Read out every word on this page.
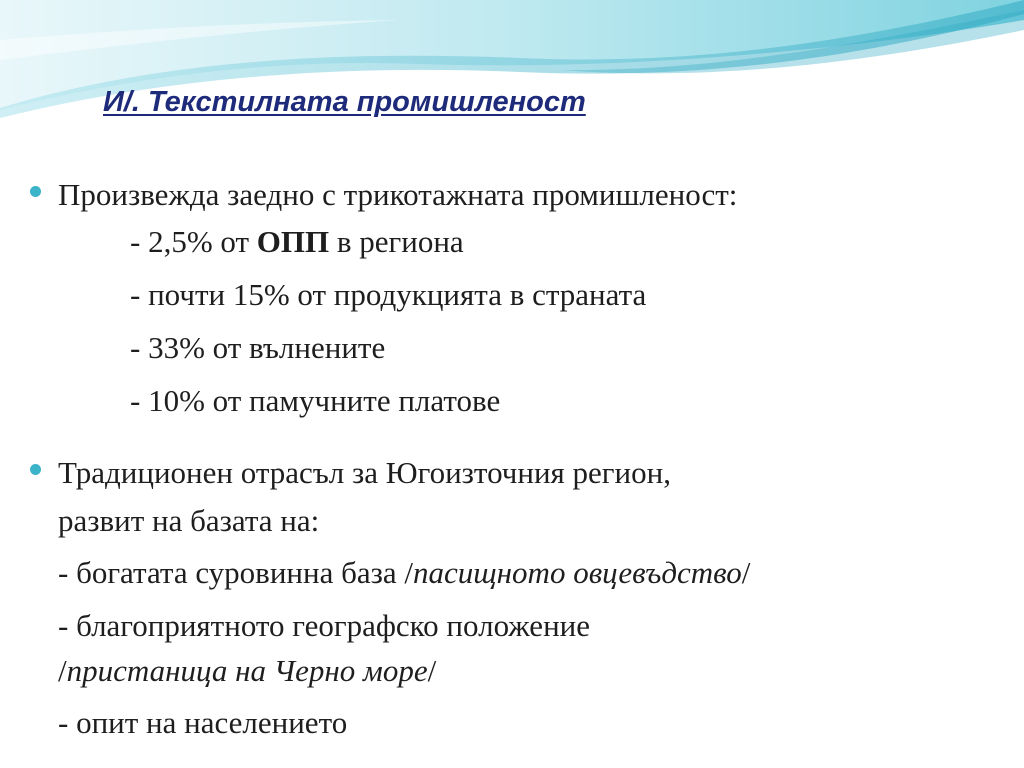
И/. Текстилната промишленост

Произвежда заедно с трикотажната промишленост:

- 2,5% от ОПП в региона

- почти 15% от продукцията в страната

- 33% от вълнените

- 10% от памучните платове

Традиционен отрасъл за Югоизточния регион,

развит на базата на:

- богатата суровинна база /пасищното овцевъдство/

- благоприятното географско положение

/пристаница на Черно море/

- опит на населението
